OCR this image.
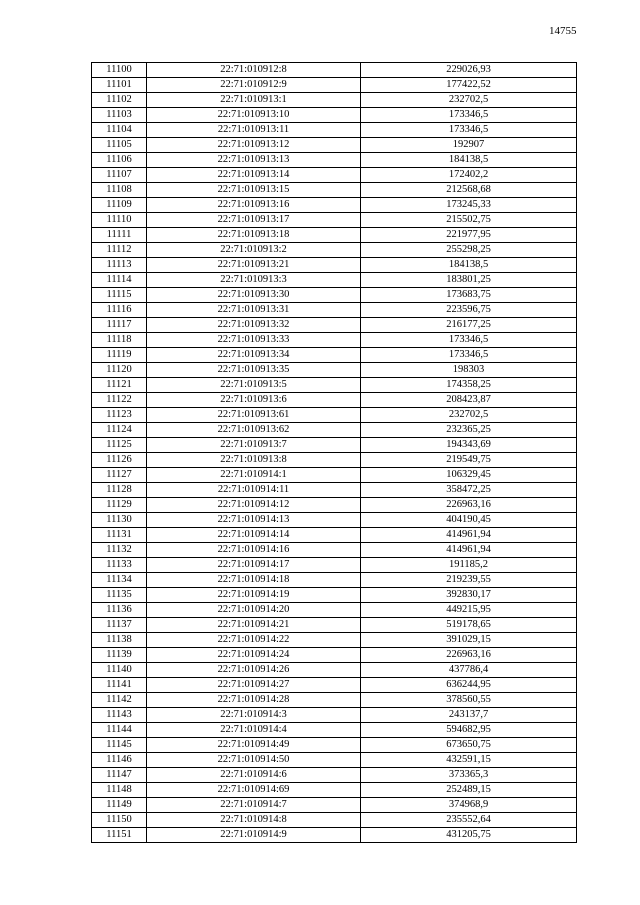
14755
11100	22:71:010912:8	229026,93
11101	22:71:010912:9	177422,52
11102	22:71:010913:1	232702,5
11103	22:71:010913:10	173346,5
11104	22:71:010913:11	173346,5
11105	22:71:010913:12	192907
11106	22:71:010913:13	184138,5
11107	22:71:010913:14	172402,2
11108	22:71:010913:15	212568,68
11109	22:71:010913:16	173245,33
11110	22:71:010913:17	215502,75
11111	22:71:010913:18	221977,95
11112	22:71:010913:2	255298,25
11113	22:71:010913:21	184138,5
11114	22:71:010913:3	183801,25
11115	22:71:010913:30	173683,75
11116	22:71:010913:31	223596,75
11117	22:71:010913:32	216177,25
11118	22:71:010913:33	173346,5
11119	22:71:010913:34	173346,5
11120	22:71:010913:35	198303
11121	22:71:010913:5	174358,25
11122	22:71:010913:6	208423,87
11123	22:71:010913:61	232702,5
11124	22:71:010913:62	232365,25
11125	22:71:010913:7	194343,69
11126	22:71:010913:8	219549,75
11127	22:71:010914:1	106329,45
11128	22:71:010914:11	358472,25
11129	22:71:010914:12	226963,16
11130	22:71:010914:13	404190,45
11131	22:71:010914:14	414961,94
11132	22:71:010914:16	414961,94
11133	22:71:010914:17	191185,2
11134	22:71:010914:18	219239,55
11135	22:71:010914:19	392830,17
11136	22:71:010914:20	449215,95
11137	22:71:010914:21	519178,65
11138	22:71:010914:22	391029,15
11139	22:71:010914:24	226963,16
11140	22:71:010914:26	437786,4
11141	22:71:010914:27	636244,95
11142	22:71:010914:28	378560,55
11143	22:71:010914:3	243137,7
11144	22:71:010914:4	594682,95
11145	22:71:010914:49	673650,75
11146	22:71:010914:50	432591,15
11147	22:71:010914:6	373365,3
11148	22:71:010914:69	252489,15
11149	22:71:010914:7	374968,9
11150	22:71:010914:8	235552,64
11151	22:71:010914:9	431205,75
